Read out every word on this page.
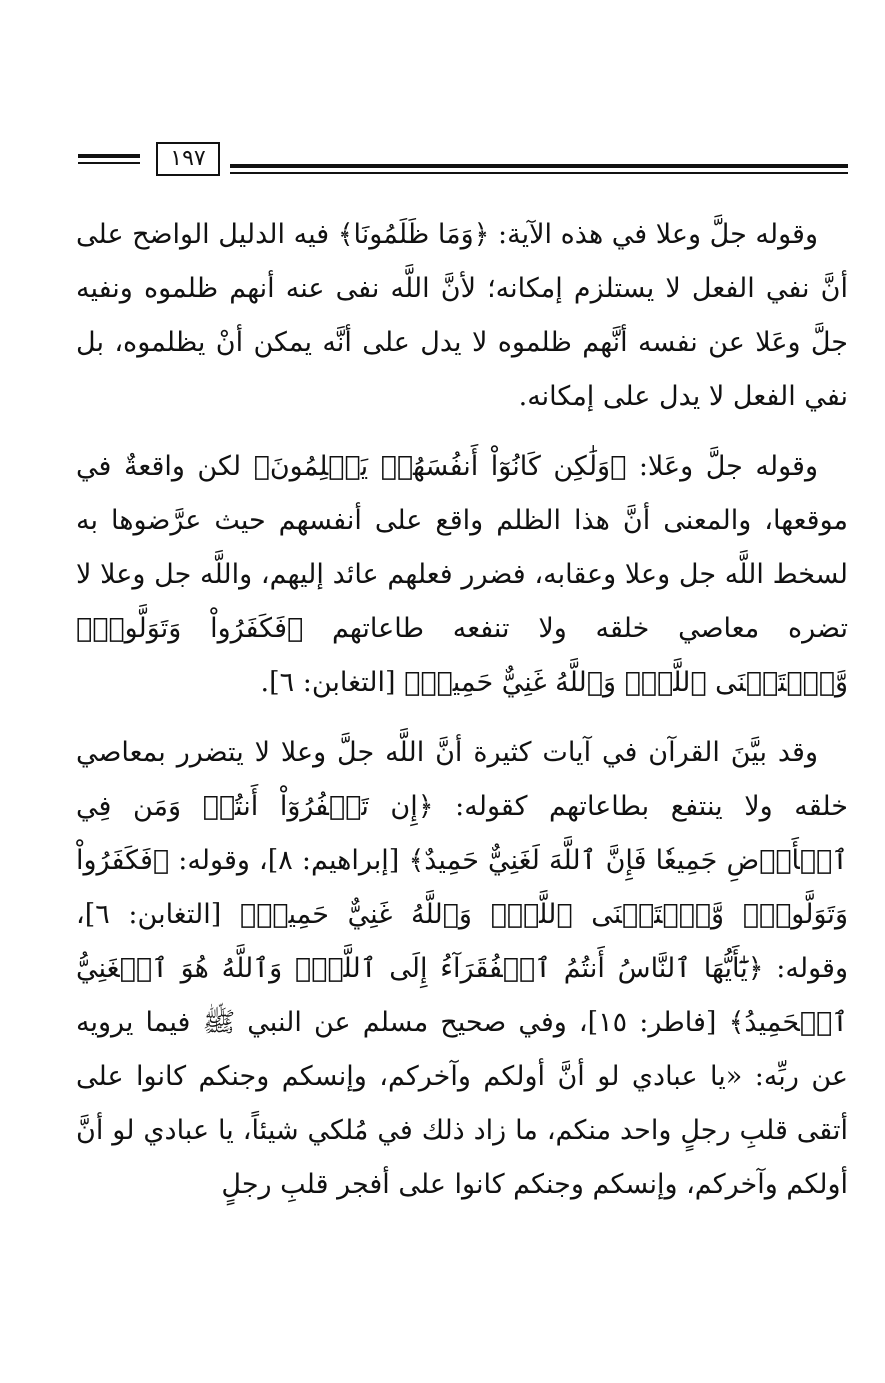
١٩٧

وقوله جلَّ وعلا في هذه الآية: ﴿وَمَا ظَلَمُونَا﴾ فيه الدليل الواضح على أنَّ نفي الفعل لا يستلزم إمكانه؛ لأنَّ اللَّه نفى عنه أنهم ظلموه ونفيه جلَّ وعَلا عن نفسه أنَّهم ظلموه لا يدل على أنَّه يمكن أنْ يظلموه، بل نفي الفعل لا يدل على إمكانه.

وقوله جلَّ وعَلا: ﴿وَلَٰكِن كَانُوٓاْ أَنفُسَهُمۡ يَظۡلِمُونَ﴾ لكن واقعةٌ في موقعها، والمعنى أنَّ هذا الظلم واقع على أنفسهم حيث عرَّضوها به لسخط اللَّه جل وعلا وعقابه، فضرر فعلهم عائد إليهم، واللَّه جل وعلا لا تضره معاصي خلقه ولا تنفعه طاعاتهم ﴿فَكَفَرُواْ وَتَوَلَّواْۚ وَّٱسۡتَغۡنَى ٱللَّهُۚ وَٱللَّهُ غَنِيٌّ حَمِيدٞ﴾ [التغابن: ٦].

وقد بيَّنَ القرآن في آيات كثيرة أنَّ اللَّه جلَّ وعلا لا يتضرر بمعاصي خلقه ولا ينتفع بطاعاتهم كقوله: ﴿إِن تَكۡفُرُوٓاْ أَنتُمۡ وَمَن فِي ٱلۡأَرۡضِ جَمِيعٗا فَإِنَّ ٱللَّهَ لَغَنِيٌّ حَمِيدٌ﴾ [إبراهيم: ٨]، وقوله: ﴿فَكَفَرُواْ وَتَوَلَّواْۚ وَّٱسۡتَغۡنَى ٱللَّهُۚ وَٱللَّهُ غَنِيٌّ حَمِيدٞ﴾ [التغابن: ٦]، وقوله: ﴿يَٰٓأَيُّهَا ٱلنَّاسُ أَنتُمُ ٱلۡفُقَرَآءُ إِلَى ٱللَّهِۖ وَٱللَّهُ هُوَ ٱلۡغَنِيُّ ٱلۡحَمِيدُ﴾ [فاطر: ١٥]، وفي صحيح مسلم عن النبي ﷺ فيما يرويه عن ربِّه: «يا عبادي لو أنَّ أولكم وآخركم، وإنسكم وجنكم كانوا على أتقى قلبِ رجلٍ واحد منكم، ما زاد ذلك في مُلكي شيئاً، يا عبادي لو أنَّ أولكم وآخركم، وإنسكم وجنكم كانوا على أفجر قلبِ رجلٍ
